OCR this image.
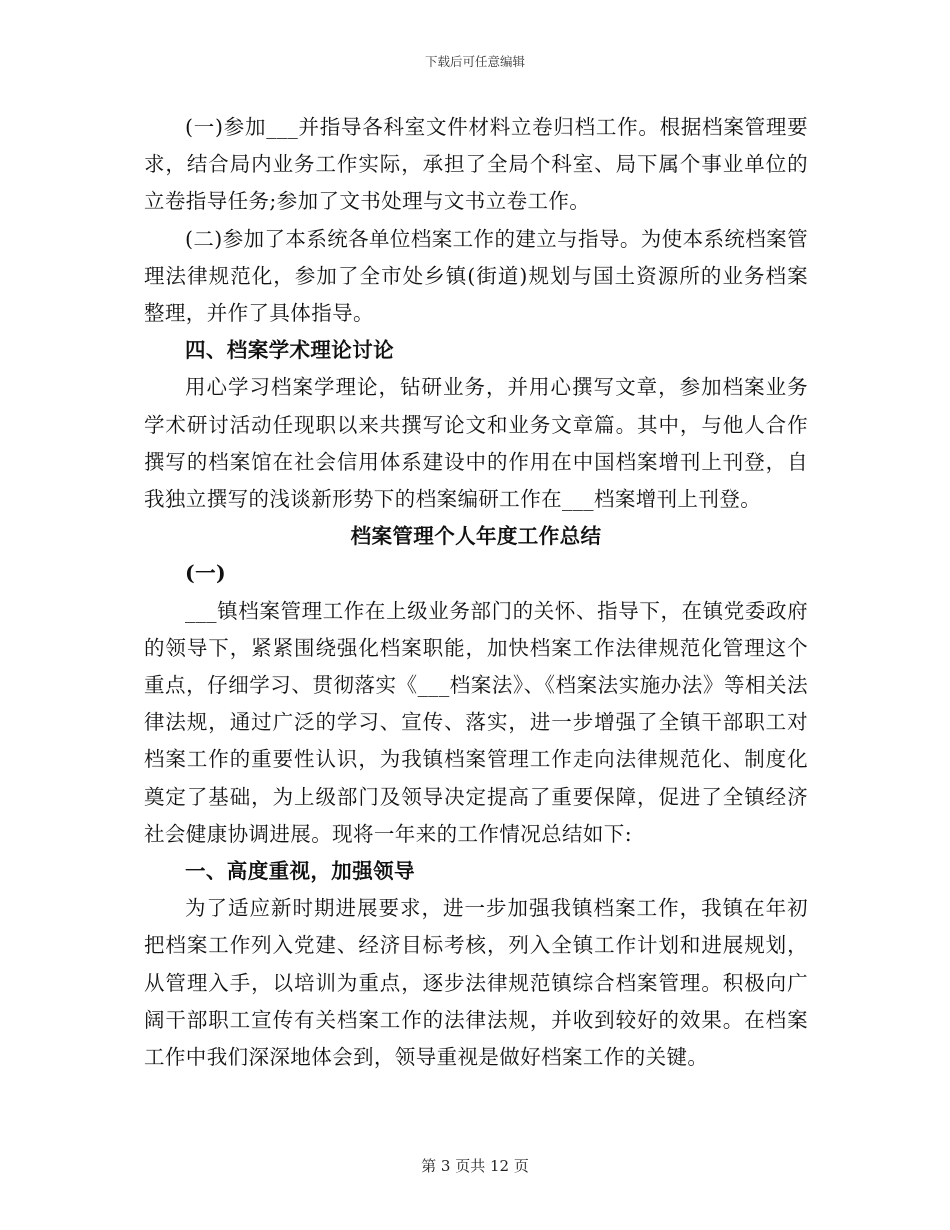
下载后可任意编辑

(一)参加___并指导各科室文件材料立卷归档工作。根据档案管理要求，结合局内业务工作实际，承担了全局个科室、局下属个事业单位的立卷指导任务;参加了文书处理与文书立卷工作。

(二)参加了本系统各单位档案工作的建立与指导。为使本系统档案管理法律规范化，参加了全市处乡镇(街道)规划与国土资源所的业务档案整理，并作了具体指导。

四、档案学术理论讨论

用心学习档案学理论，钻研业务，并用心撰写文章，参加档案业务学术研讨活动任现职以来共撰写论文和业务文章篇。其中，与他人合作撰写的档案馆在社会信用体系建设中的作用在中国档案增刊上刊登，自我独立撰写的浅谈新形势下的档案编研工作在___档案增刊上刊登。

档案管理个人年度工作总结

(一)

___镇档案管理工作在上级业务部门的关怀、指导下，在镇党委政府的领导下，紧紧围绕强化档案职能，加快档案工作法律规范化管理这个重点，仔细学习、贯彻落实《___档案法》、《档案法实施办法》等相关法律法规，通过广泛的学习、宣传、落实，进一步增强了全镇干部职工对档案工作的重要性认识，为我镇档案管理工作走向法律规范化、制度化奠定了基础，为上级部门及领导决定提高了重要保障，促进了全镇经济社会健康协调进展。现将一年来的工作情况总结如下:

一、高度重视，加强领导

为了适应新时期进展要求，进一步加强我镇档案工作，我镇在年初把档案工作列入党建、经济目标考核，列入全镇工作计划和进展规划，从管理入手，以培训为重点，逐步法律规范镇综合档案管理。积极向广阔干部职工宣传有关档案工作的法律法规，并收到较好的效果。在档案工作中我们深深地体会到，领导重视是做好档案工作的关键。

第 3 页共 12 页
